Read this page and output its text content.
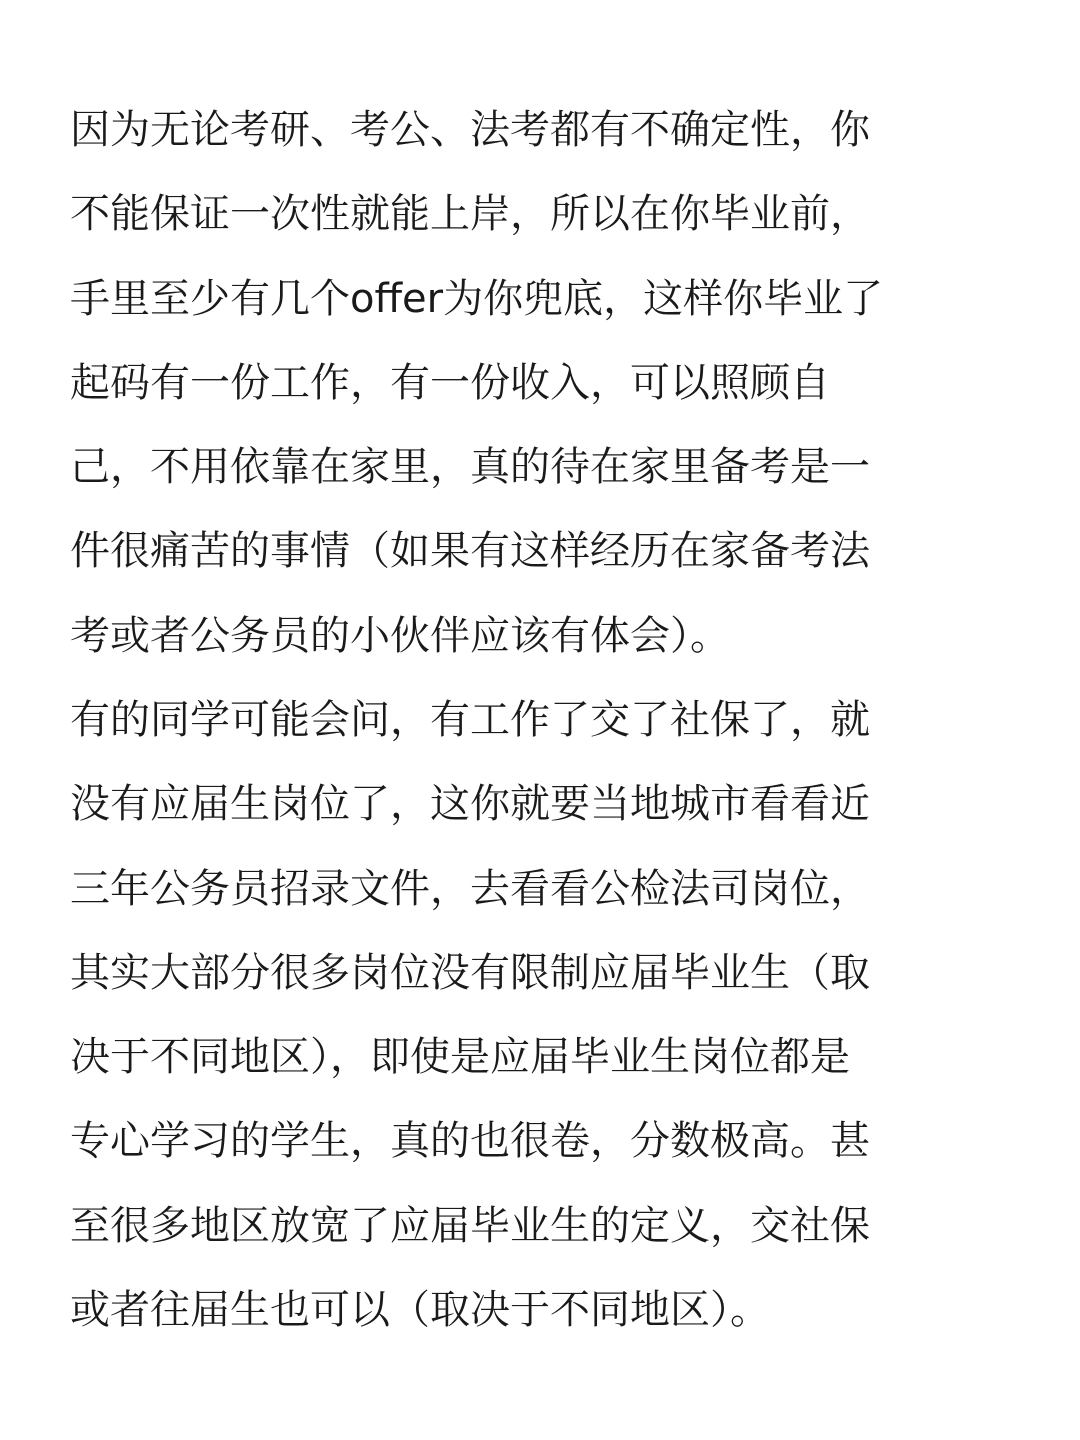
因为无论考研、考公、法考都有不确定性，你
不能保证一次性就能上岸，所以在你毕业前，
手里至少有几个offer为你兜底，这样你毕业了
起码有一份工作，有一份收入，可以照顾自
己，不用依靠在家里，真的待在家里备考是一
件很痛苦的事情（如果有这样经历在家备考法
考或者公务员的小伙伴应该有体会）。
有的同学可能会问，有工作了交了社保了，就
没有应届生岗位了，这你就要当地城市看看近
三年公务员招录文件，去看看公检法司岗位，
其实大部分很多岗位没有限制应届毕业生（取
决于不同地区），即使是应届毕业生岗位都是
专心学习的学生，真的也很卷，分数极高。甚
至很多地区放宽了应届毕业生的定义，交社保
或者往届生也可以（取决于不同地区）。
